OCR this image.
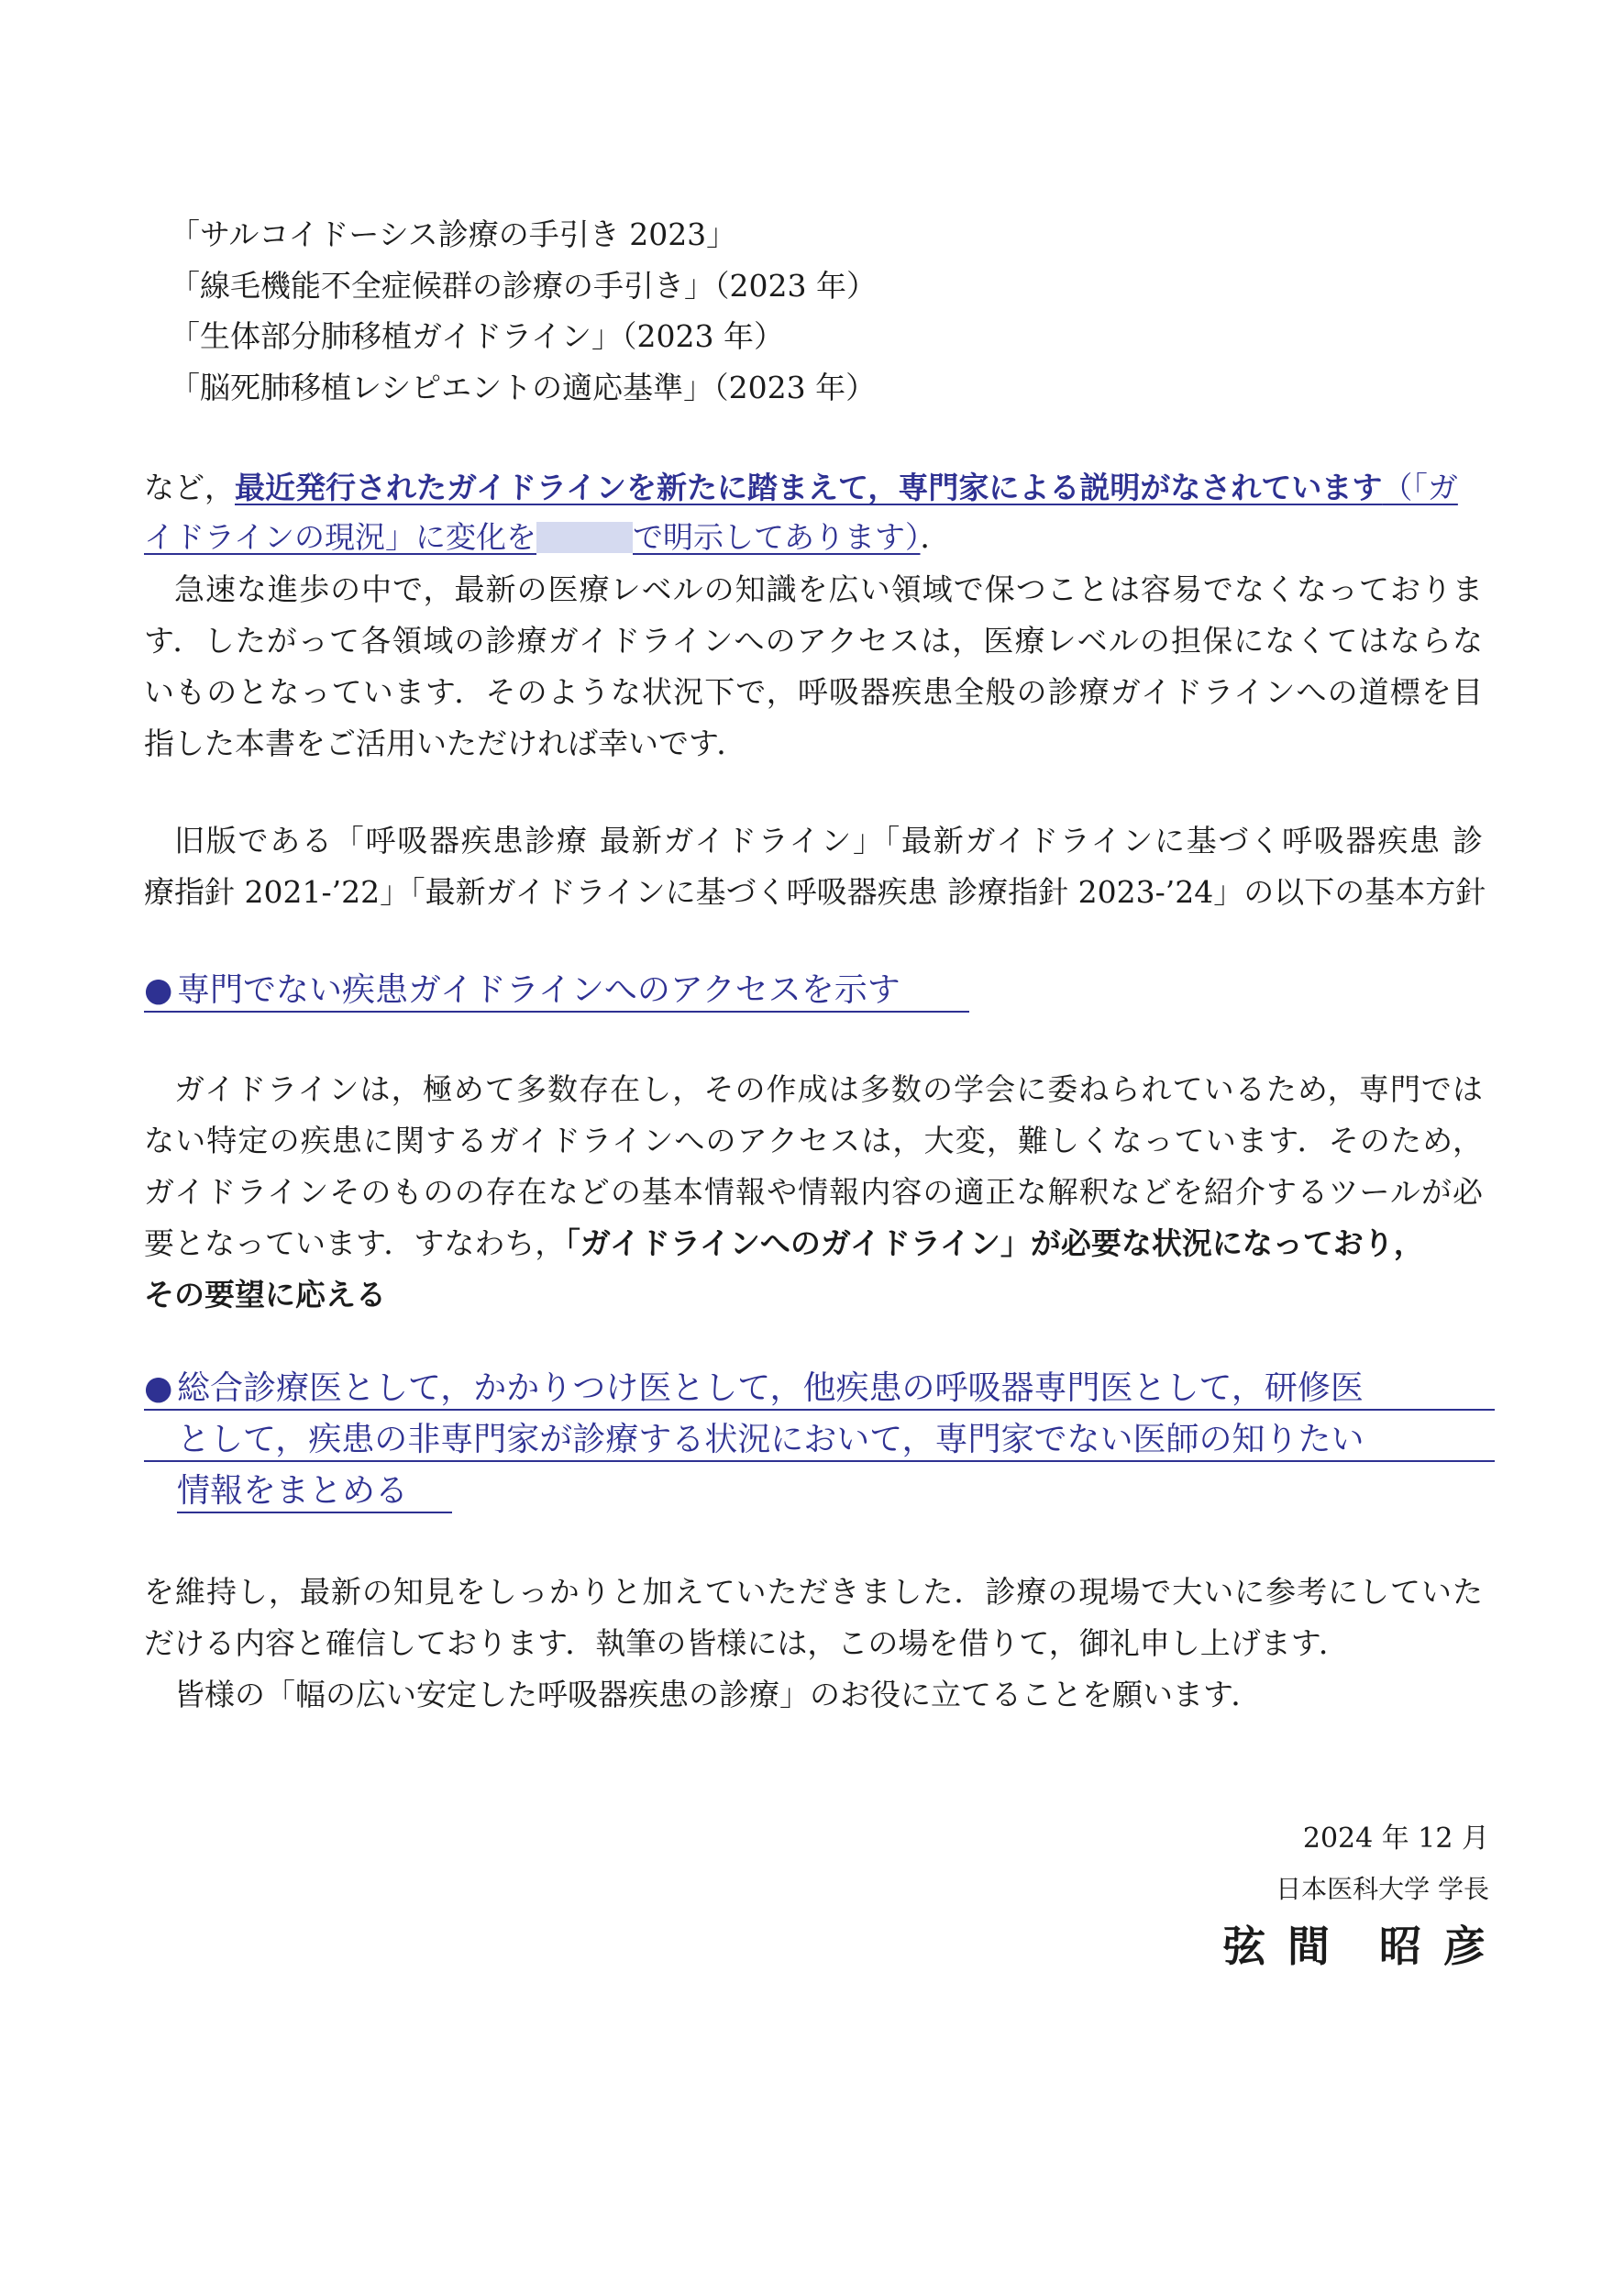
「サルコイドーシス診療の手引き 2023」
「線毛機能不全症候群の診療の手引き」（2023 年）
「生体部分肺移植ガイドライン」（2023 年）
「脳死肺移植レシピエントの適応基準」（2023 年）
など，最近発行されたガイドラインを新たに踏まえて，専門家による説明がなされています（「ガ
イドラインの現況」に変化を	で明示してあります）．
急速な進歩の中で，最新の医療レベルの知識を広い領域で保つことは容易でなくなっておりま
す．したがって各領域の診療ガイドラインへのアクセスは，医療レベルの担保になくてはならな
いものとなっています．そのような状況下で，呼吸器疾患全般の診療ガイドラインへの道標を目
指した本書をご活用いただければ幸いです．
旧版である「呼吸器疾患診療 最新ガイドライン」「最新ガイドラインに基づく呼吸器疾患 診
療指針 2021-’22」「最新ガイドラインに基づく呼吸器疾患 診療指針 2023-’24」の以下の基本方針
● 専門でない疾患ガイドラインへのアクセスを示す
ガイドラインは，極めて多数存在し，その作成は多数の学会に委ねられているため，専門では
ない特定の疾患に関するガイドラインへのアクセスは，大変，難しくなっています．そのため，
ガイドラインそのものの存在などの基本情報や情報内容の適正な解釈などを紹介するツールが必
要となっています．すなわち，「ガイドラインへのガイドライン」が必要な状況になっており，
その要望に応える
● 総合診療医として，かかりつけ医として，他疾患の呼吸器専門医として，研修医
として，疾患の非専門家が診療する状況において，専門家でない医師の知りたい
情報をまとめる
を維持し，最新の知見をしっかりと加えていただきました．診療の現場で大いに参考にしていた
だける内容と確信しております．執筆の皆様には，この場を借りて，御礼申し上げます．
皆様の「幅の広い安定した呼吸器疾患の診療」のお役に立てることを願います．
2024 年 12 月
日本医科大学 学長
弦 間　昭 彦
